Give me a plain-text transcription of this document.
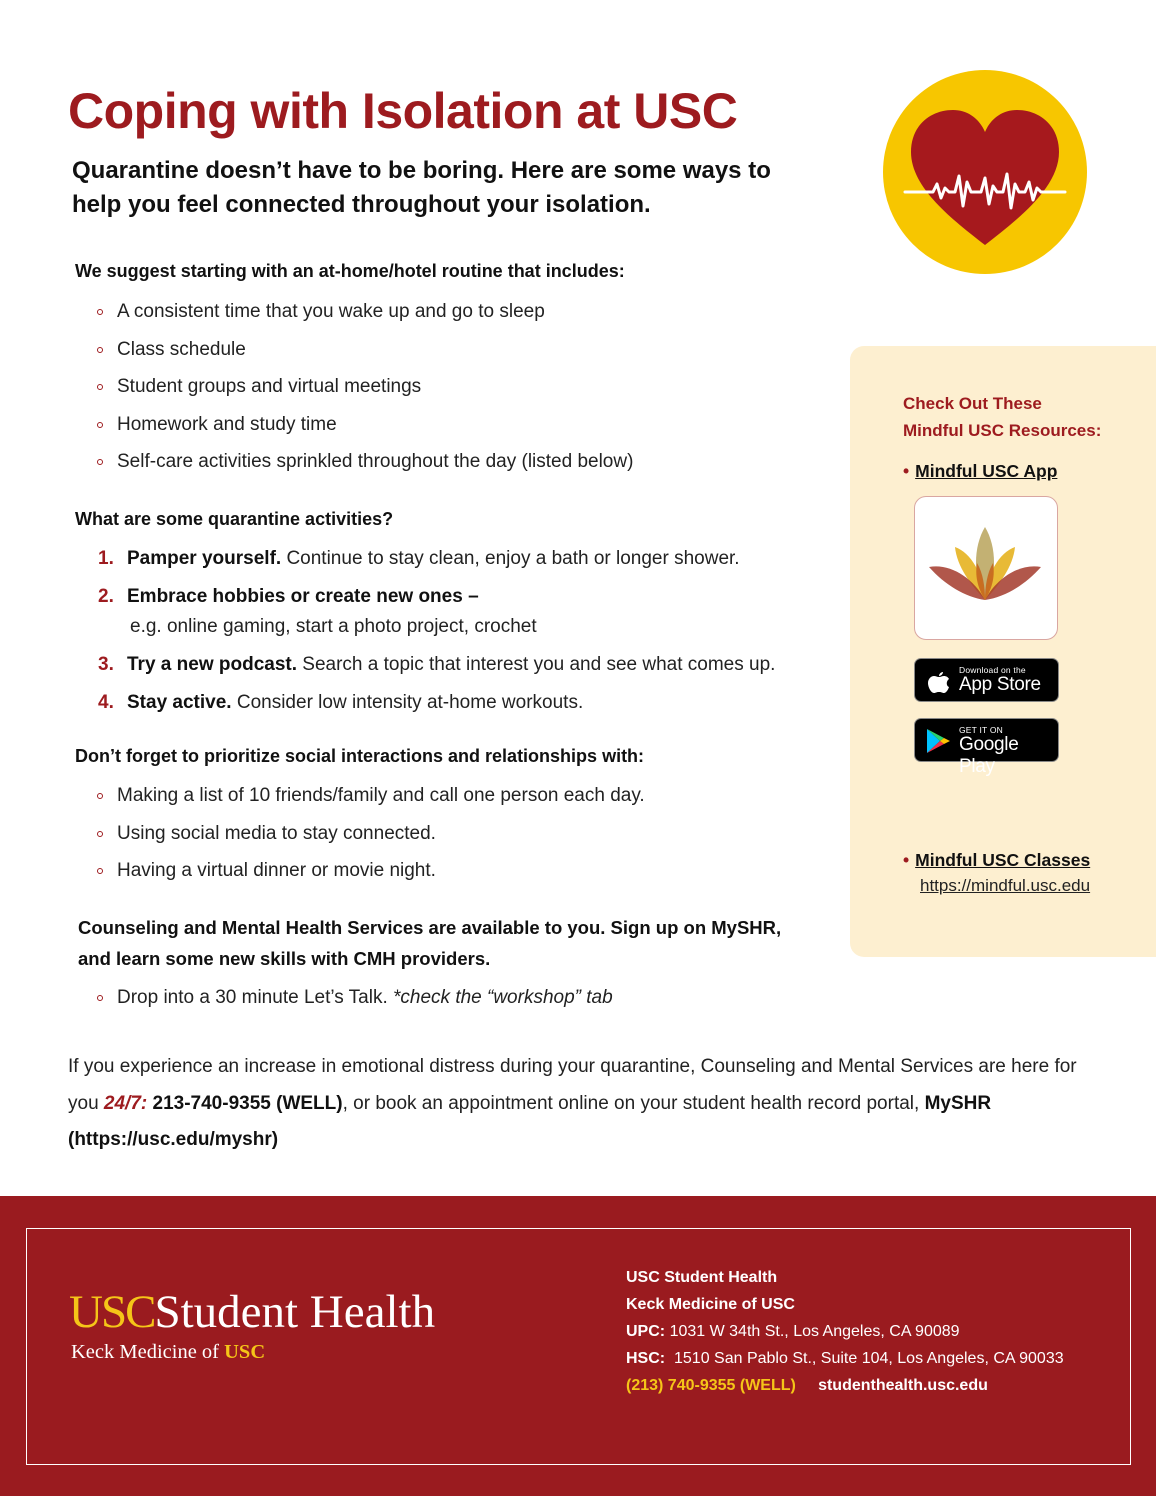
Coping with Isolation at USC

Quarantine doesn’t have to be boring. Here are some ways to help you feel connected throughout your isolation.

We suggest starting with an at-home/hotel routine that includes:
A consistent time that you wake up and go to sleep
Class schedule
Student groups and virtual meetings
Homework and study time
Self-care activities sprinkled throughout the day (listed below)
What are some quarantine activities?
1. Pamper yourself. Continue to stay clean, enjoy a bath or longer shower.
2. Embrace hobbies or create new ones –
e.g. online gaming, start a photo project, crochet
3. Try a new podcast. Search a topic that interest you and see what comes up.
4. Stay active. Consider low intensity at-home workouts.
Don’t forget to prioritize social interactions and relationships with:
Making a list of 10 friends/family and call one person each day.
Using social media to stay connected.
Having a virtual dinner or movie night.

Counseling and Mental Health Services are available to you. Sign up on MySHR, and learn some new skills with CMH providers.

Drop into a 30 minute Let’s Talk. *check the “workshop” tab

If you experience an increase in emotional distress during your quarantine, Counseling and Mental Services are here for you 24/7: 213-740-9355 (WELL), or book an appointment online on your student health record portal, MySHR (https://usc.edu/myshr)

Check Out These
Mindful USC Resources:
• Mindful USC App
Download on the
App Store
GET IT ON
Google Play
• Mindful USC Classes
https://mindful.usc.edu
USCStudent Health
Keck Medicine of USC
USC Student Health
Keck Medicine of USC
UPC: 1031 W 34th St., Los Angeles, CA 90089
HSC: 1510 San Pablo St., Suite 104, Los Angeles, CA 90033
(213) 740-9355 (WELL) studenthealth.usc.edu
